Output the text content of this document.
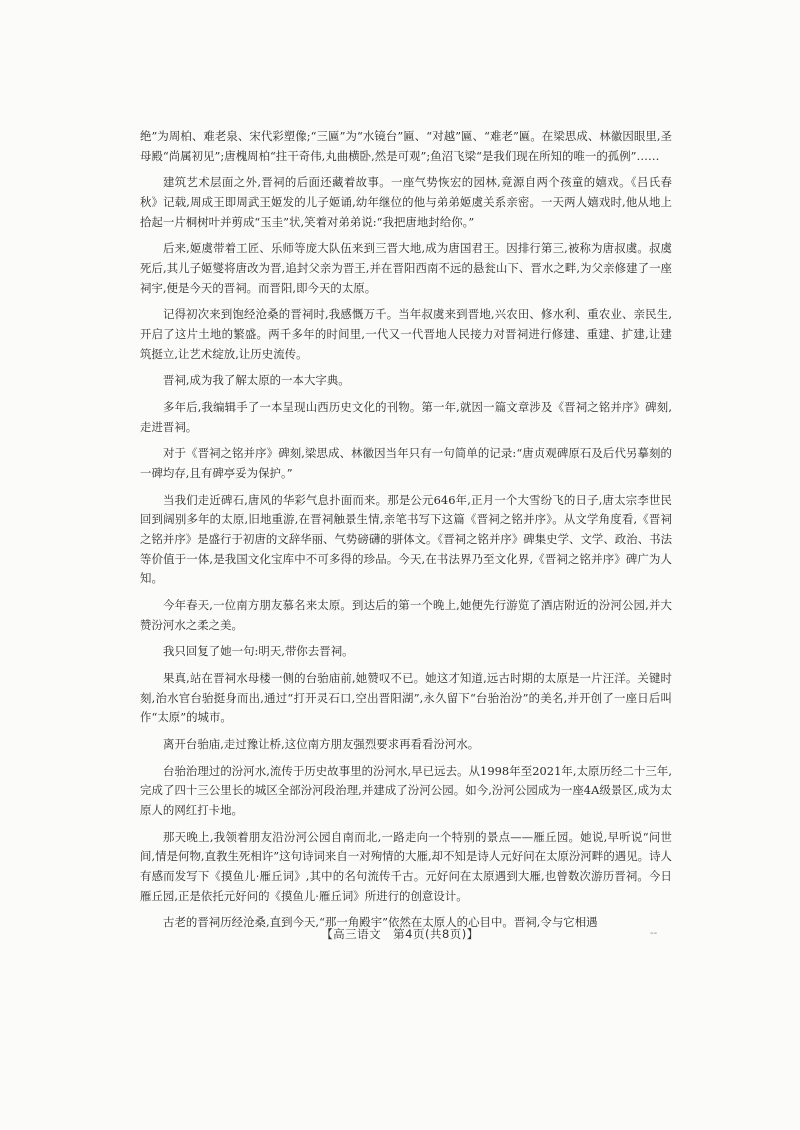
绝”为周柏、难老泉、宋代彩塑像;“三匾”为“水镜台”匾、“对越”匾、“难老”匾。在梁思成、林徽因眼里,圣母殿“尚属初见”;唐槐周柏“拄干奇伟,丸曲横卧,然是可观”;鱼沼飞梁“是我们现在所知的唯一的孤例”……

建筑艺术层面之外,晋祠的后面还藏着故事。一座气势恢宏的园林,竟源自两个孩童的嬉戏。《吕氏春秋》记载,周成王即周武王姬发的儿子姬诵,幼年继位的他与弟弟姬虞关系亲密。一天两人嬉戏时,他从地上拾起一片桐树叶并剪成“玉圭”状,笑着对弟弟说:“我把唐地封给你。”

后来,姬虞带着工匠、乐师等庞大队伍来到三晋大地,成为唐国君王。因排行第三,被称为唐叔虞。叔虞死后,其儿子姬燮将唐改为晋,追封父亲为晋王,并在晋阳西南不远的悬瓮山下、晋水之畔,为父亲修建了一座祠宇,便是今天的晋祠。而晋阳,即今天的太原。

记得初次来到饱经沧桑的晋祠时,我感慨万千。当年叔虞来到晋地,兴农田、修水利、重农业、亲民生,开启了这片土地的繁盛。两千多年的时间里,一代又一代晋地人民接力对晋祠进行修建、重建、扩建,让建筑挺立,让艺术绽放,让历史流传。

晋祠,成为我了解太原的一本大字典。

多年后,我编辑手了一本呈现山西历史文化的刊物。第一年,就因一篇文章涉及《晋祠之铭并序》碑刻,走进晋祠。

对于《晋祠之铭并序》碑刻,梁思成、林徽因当年只有一句简单的记录:“唐贞观碑原石及后代另摹刻的一碑均存,且有碑亭妥为保护。”

当我们走近碑石,唐风的华彩气息扑面而来。那是公元646年,正月一个大雪纷飞的日子,唐太宗李世民回到阔别多年的太原,旧地重游,在晋祠触景生情,亲笔书写下这篇《晋祠之铭并序》。从文学角度看,《晋祠之铭并序》是盛行于初唐的文辞华丽、气势磅礴的骈体文。《晋祠之铭并序》碑集史学、文学、政治、书法等价值于一体,是我国文化宝库中不可多得的珍品。今天,在书法界乃至文化界,《晋祠之铭并序》碑广为人知。

今年春天,一位南方朋友慕名来太原。到达后的第一个晚上,她便先行游览了酒店附近的汾河公园,并大赞汾河水之柔之美。

我只回复了她一句:明天,带你去晋祠。

果真,站在晋祠水母楼一侧的台骀庙前,她赞叹不已。她这才知道,远古时期的太原是一片汪洋。关键时刻,治水官台骀挺身而出,通过“打开灵石口,空出晋阳湖”,永久留下“台骀治汾”的美名,并开创了一座日后叫作“太原”的城市。

离开台骀庙,走过豫让桥,这位南方朋友强烈要求再看看汾河水。

台骀治理过的汾河水,流传于历史故事里的汾河水,早已远去。从1998年至2021年,太原历经二十三年,完成了四十三公里长的城区全部汾河段治理,并建成了汾河公园。如今,汾河公园成为一座4A级景区,成为太原人的网红打卡地。

那天晚上,我领着朋友沿汾河公园自南而北,一路走向一个特别的景点——雁丘园。她说,早听说“问世间,情是何物,直教生死相许”这句诗词来自一对殉情的大雁,却不知是诗人元好问在太原汾河畔的遇见。诗人有感而发写下《摸鱼儿·雁丘词》,其中的名句流传千古。元好问在太原遇到大雁,也曾数次游历晋祠。今日雁丘园,正是依托元好问的《摸鱼儿·雁丘词》所进行的创意设计。

古老的晋祠历经沧桑,直到今天,“那一角殿宇”依然在太原人的心目中。晋祠,令与它相遇

【高三语文　第4页(共8页)】	--
